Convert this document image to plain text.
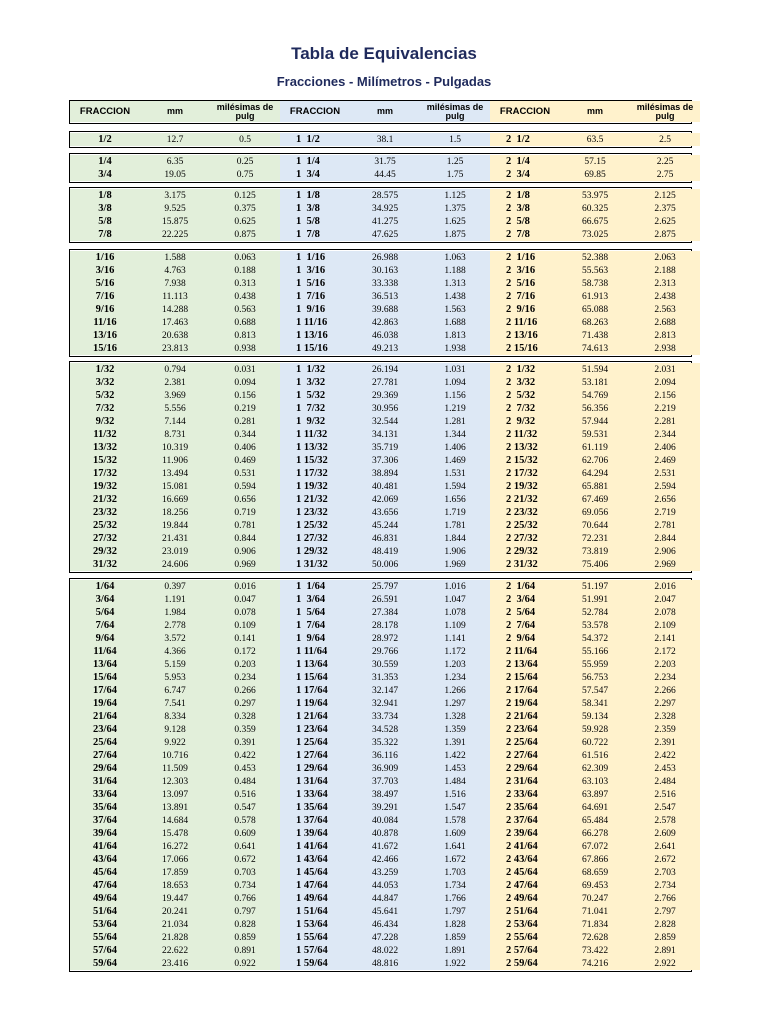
Tabla de Equivalencias
Fracciones - Milímetros - Pulgadas
FRACCION	mm	milésimas de pulg	FRACCION	mm	milésimas de pulg	FRACCION	mm	milésimas de pulg
1/2	12.7	0.5	1  1/2	38.1	1.5	2  1/2	63.5	2.5
1/4	6.35	0.25	1  1/4	31.75	1.25	2  1/4	57.15	2.25
3/4	19.05	0.75	1  3/4	44.45	1.75	2  3/4	69.85	2.75
1/8	3.175	0.125	1  1/8	28.575	1.125	2  1/8	53.975	2.125
3/8	9.525	0.375	1  3/8	34.925	1.375	2  3/8	60.325	2.375
5/8	15.875	0.625	1  5/8	41.275	1.625	2  5/8	66.675	2.625
7/8	22.225	0.875	1  7/8	47.625	1.875	2  7/8	73.025	2.875
1/16	1.588	0.063	1  1/16	26.988	1.063	2  1/16	52.388	2.063
3/16	4.763	0.188	1  3/16	30.163	1.188	2  3/16	55.563	2.188
5/16	7.938	0.313	1  5/16	33.338	1.313	2  5/16	58.738	2.313
7/16	11.113	0.438	1  7/16	36.513	1.438	2  7/16	61.913	2.438
9/16	14.288	0.563	1  9/16	39.688	1.563	2  9/16	65.088	2.563
11/16	17.463	0.688	1 11/16	42.863	1.688	2 11/16	68.263	2.688
13/16	20.638	0.813	1 13/16	46.038	1.813	2 13/16	71.438	2.813
15/16	23.813	0.938	1 15/16	49.213	1.938	2 15/16	74.613	2.938
1/32	0.794	0.031	1  1/32	26.194	1.031	2  1/32	51.594	2.031
3/32	2.381	0.094	1  3/32	27.781	1.094	2  3/32	53.181	2.094
5/32	3.969	0.156	1  5/32	29.369	1.156	2  5/32	54.769	2.156
7/32	5.556	0.219	1  7/32	30.956	1.219	2  7/32	56.356	2.219
9/32	7.144	0.281	1  9/32	32.544	1.281	2  9/32	57.944	2.281
11/32	8.731	0.344	1 11/32	34.131	1.344	2 11/32	59.531	2.344
13/32	10.319	0.406	1 13/32	35.719	1.406	2 13/32	61.119	2.406
15/32	11.906	0.469	1 15/32	37.306	1.469	2 15/32	62.706	2.469
17/32	13.494	0.531	1 17/32	38.894	1.531	2 17/32	64.294	2.531
19/32	15.081	0.594	1 19/32	40.481	1.594	2 19/32	65.881	2.594
21/32	16.669	0.656	1 21/32	42.069	1.656	2 21/32	67.469	2.656
23/32	18.256	0.719	1 23/32	43.656	1.719	2 23/32	69.056	2.719
25/32	19.844	0.781	1 25/32	45.244	1.781	2 25/32	70.644	2.781
27/32	21.431	0.844	1 27/32	46.831	1.844	2 27/32	72.231	2.844
29/32	23.019	0.906	1 29/32	48.419	1.906	2 29/32	73.819	2.906
31/32	24.606	0.969	1 31/32	50.006	1.969	2 31/32	75.406	2.969
1/64	0.397	0.016	1  1/64	25.797	1.016	2  1/64	51.197	2.016
3/64	1.191	0.047	1  3/64	26.591	1.047	2  3/64	51.991	2.047
5/64	1.984	0.078	1  5/64	27.384	1.078	2  5/64	52.784	2.078
7/64	2.778	0.109	1  7/64	28.178	1.109	2  7/64	53.578	2.109
9/64	3.572	0.141	1  9/64	28.972	1.141	2  9/64	54.372	2.141
11/64	4.366	0.172	1 11/64	29.766	1.172	2 11/64	55.166	2.172
13/64	5.159	0.203	1 13/64	30.559	1.203	2 13/64	55.959	2.203
15/64	5.953	0.234	1 15/64	31.353	1.234	2 15/64	56.753	2.234
17/64	6.747	0.266	1 17/64	32.147	1.266	2 17/64	57.547	2.266
19/64	7.541	0.297	1 19/64	32.941	1.297	2 19/64	58.341	2.297
21/64	8.334	0.328	1 21/64	33.734	1.328	2 21/64	59.134	2.328
23/64	9.128	0.359	1 23/64	34.528	1.359	2 23/64	59.928	2.359
25/64	9.922	0.391	1 25/64	35.322	1.391	2 25/64	60.722	2.391
27/64	10.716	0.422	1 27/64	36.116	1.422	2 27/64	61.516	2.422
29/64	11.509	0.453	1 29/64	36.909	1.453	2 29/64	62.309	2.453
31/64	12.303	0.484	1 31/64	37.703	1.484	2 31/64	63.103	2.484
33/64	13.097	0.516	1 33/64	38.497	1.516	2 33/64	63.897	2.516
35/64	13.891	0.547	1 35/64	39.291	1.547	2 35/64	64.691	2.547
37/64	14.684	0.578	1 37/64	40.084	1.578	2 37/64	65.484	2.578
39/64	15.478	0.609	1 39/64	40.878	1.609	2 39/64	66.278	2.609
41/64	16.272	0.641	1 41/64	41.672	1.641	2 41/64	67.072	2.641
43/64	17.066	0.672	1 43/64	42.466	1.672	2 43/64	67.866	2.672
45/64	17.859	0.703	1 45/64	43.259	1.703	2 45/64	68.659	2.703
47/64	18.653	0.734	1 47/64	44.053	1.734	2 47/64	69.453	2.734
49/64	19.447	0.766	1 49/64	44.847	1.766	2 49/64	70.247	2.766
51/64	20.241	0.797	1 51/64	45.641	1.797	2 51/64	71.041	2.797
53/64	21.034	0.828	1 53/64	46.434	1.828	2 53/64	71.834	2.828
55/64	21.828	0.859	1 55/64	47.228	1.859	2 55/64	72.628	2.859
57/64	22.622	0.891	1 57/64	48.022	1.891	2 57/64	73.422	2.891
59/64	23.416	0.922	1 59/64	48.816	1.922	2 59/64	74.216	2.922
